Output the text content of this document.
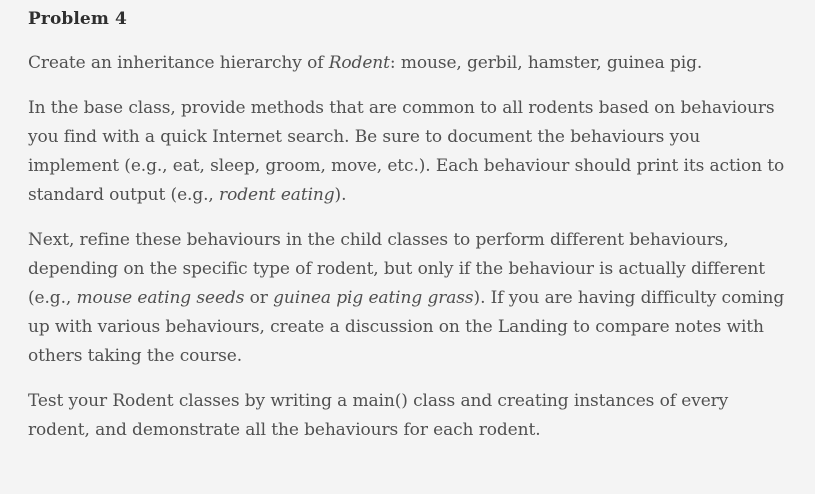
Problem 4

Create an inheritance hierarchy of Rodent: mouse, gerbil, hamster, guinea pig.

In the base class, provide methods that are common to all rodents based on behaviours you find with a quick Internet search. Be sure to document the behaviours you implement (e.g., eat, sleep, groom, move, etc.). Each behaviour should print its action to standard output (e.g., rodent eating).

Next, refine these behaviours in the child classes to perform different behaviours, depending on the specific type of rodent, but only if the behaviour is actually different (e.g., mouse eating seeds or guinea pig eating grass). If you are having difficulty coming up with various behaviours, create a discussion on the Landing to compare notes with others taking the course.

Test your Rodent classes by writing a main() class and creating instances of every rodent, and demonstrate all the behaviours for each rodent.
